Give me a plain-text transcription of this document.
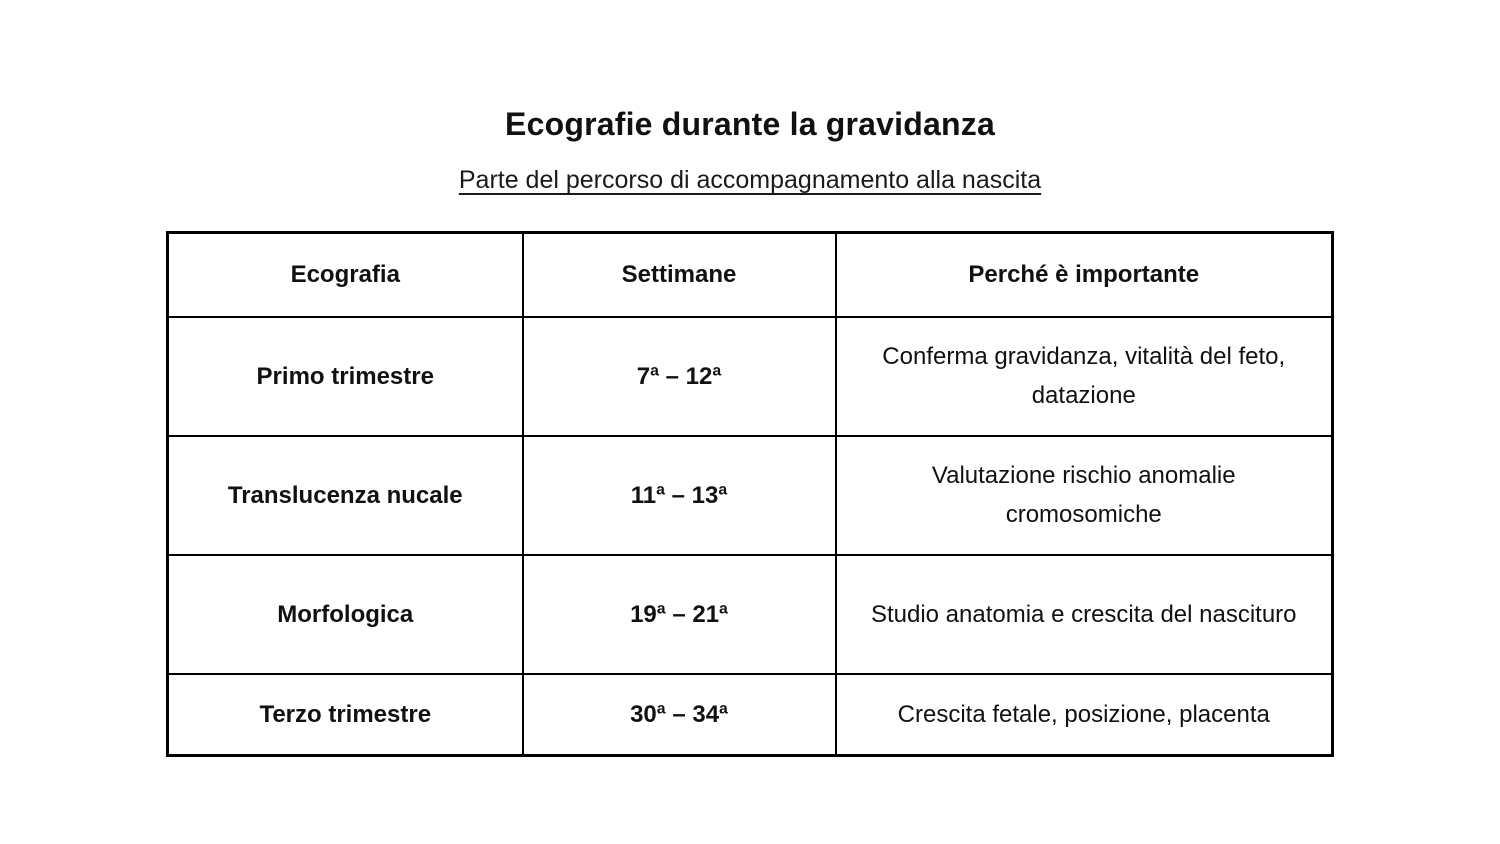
Ecografie durante la gravidanza
Parte del percorso di accompagnamento alla nascita
Ecografia	Settimane	Perché è importante
Primo trimestre	7ª – 12ª	Conferma gravidanza, vitalità del feto, datazione
Translucenza nucale	11ª – 13ª	Valutazione rischio anomalie cromosomiche
Morfologica	19ª – 21ª	Studio anatomia e crescita del nascituro
Terzo trimestre	30ª – 34ª	Crescita fetale, posizione, placenta
